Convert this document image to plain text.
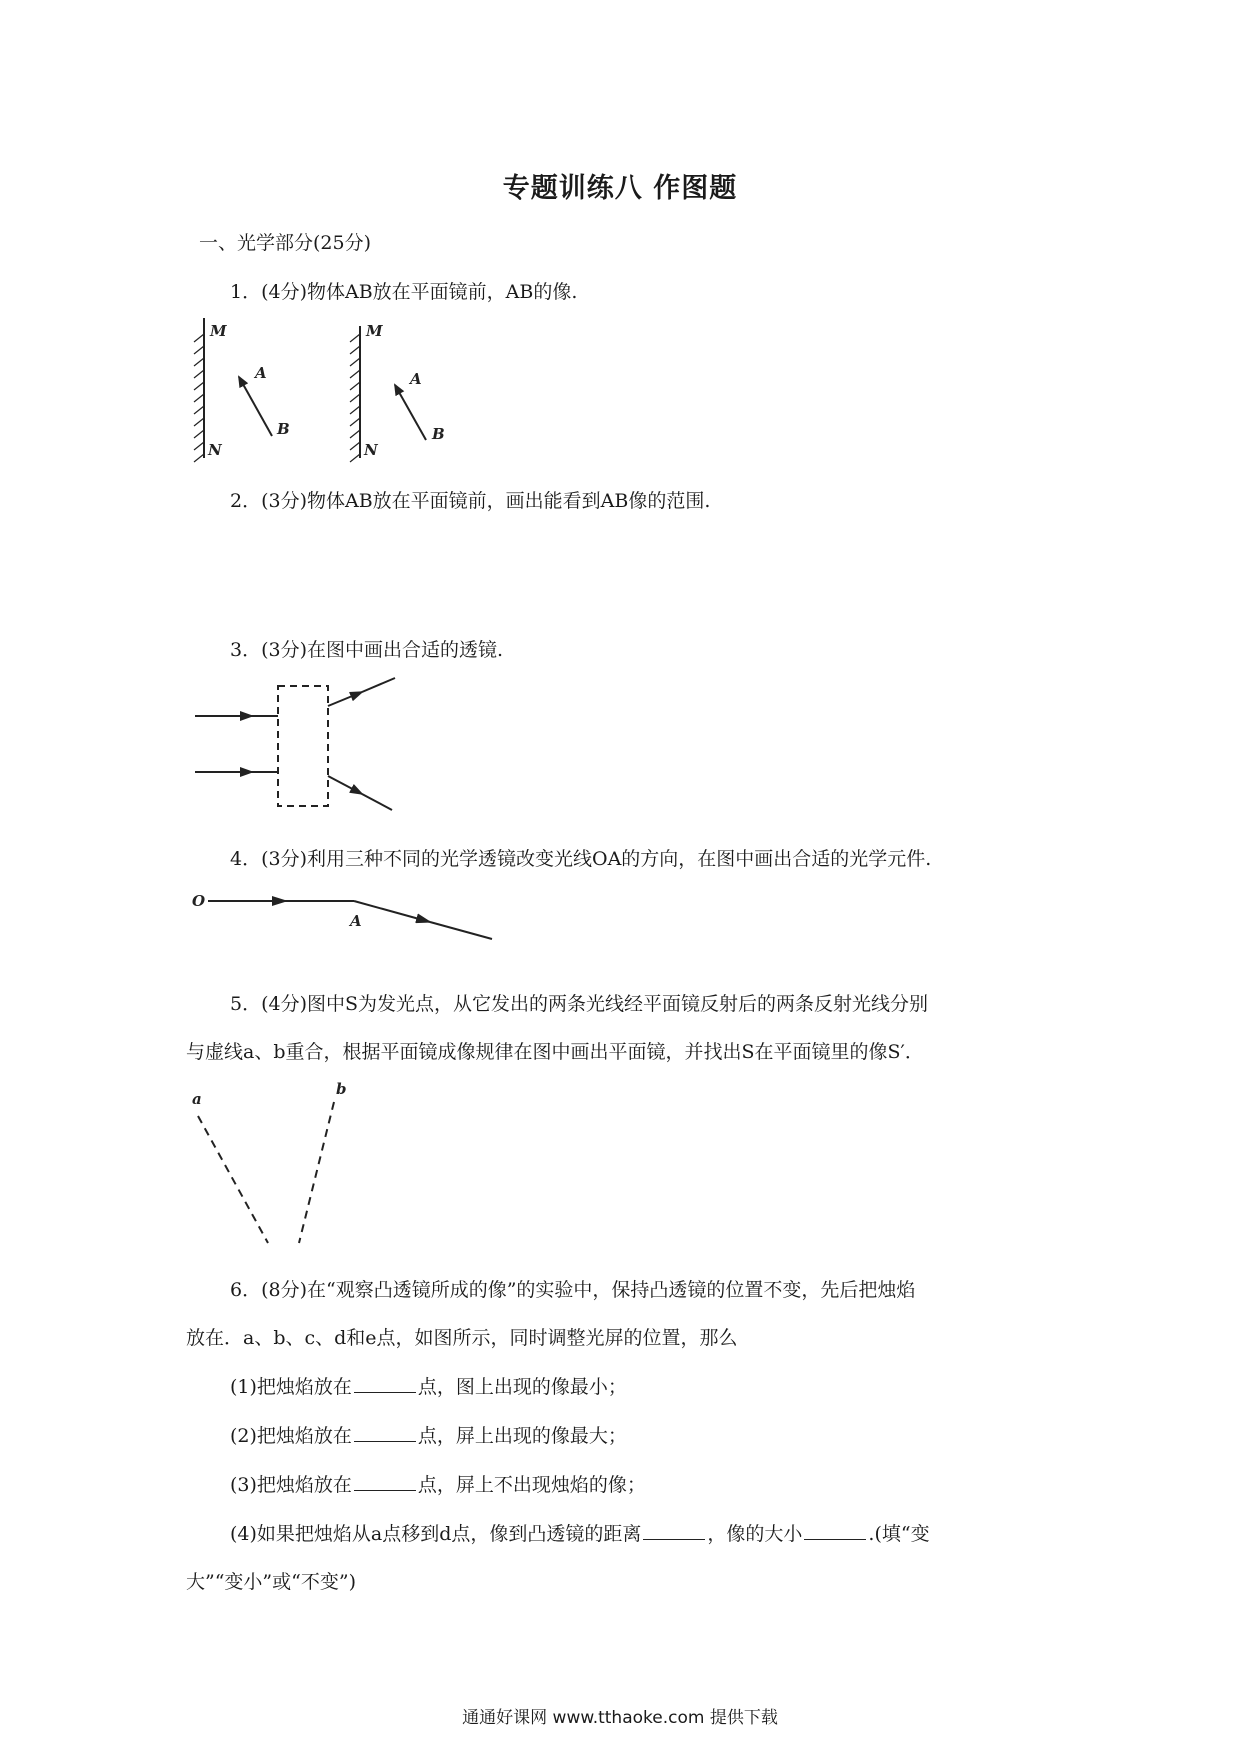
专题训练八 作图题
一、光学部分(25分)
1．(4分)物体AB放在平面镜前，AB的像.
M
N
A
B
M
N
A
B
2．(3分)物体AB放在平面镜前，画出能看到AB像的范围.
3．(3分)在图中画出合适的透镜.
4．(3分)利用三种不同的光学透镜改变光线OA的方向，在图中画出合适的光学元件.
O
A
5．(4分)图中S为发光点，从它发出的两条光线经平面镜反射后的两条反射光线分别
与虚线a、b重合，根据平面镜成像规律在图中画出平面镜，并找出S在平面镜里的像S′．
a
b
6．(8分)在“观察凸透镜所成的像”的实验中，保持凸透镜的位置不变，先后把烛焰
放在．a、b、c、d和e点，如图所示，同时调整光屏的位置，那么
(1)把烛焰放在	点，图上出现的像最小；
(2)把烛焰放在	点，屏上出现的像最大；
(3)把烛焰放在	点，屏上不出现烛焰的像；
(4)如果把烛焰从a点移到d点，像到凸透镜的距离	，像的大小	.(填“变
大”“变小”或“不变”)
通通好课网 www.tthaoke.com 提供下载
